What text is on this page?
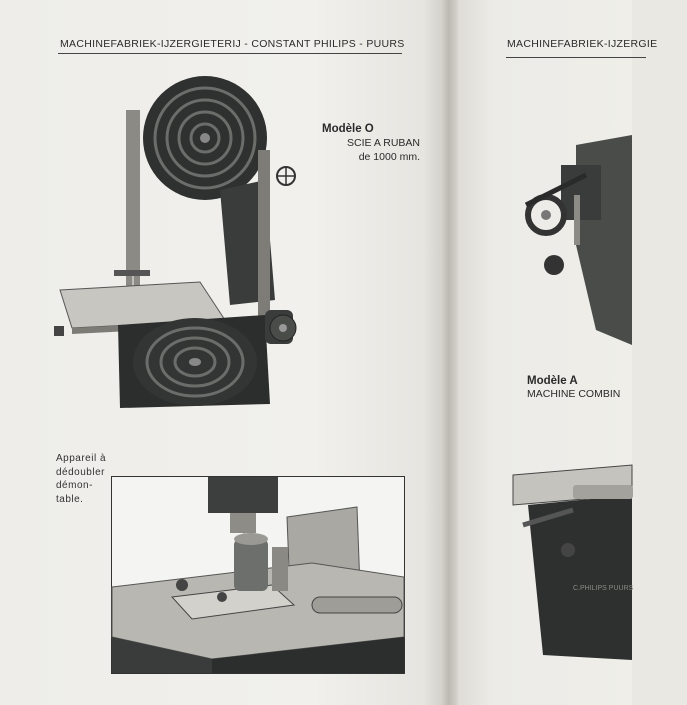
MACHINEFABRIEK-IJZERGIETERIJ - CONSTANT PHILIPS - PUURS
Modèle O
SCIE A RUBAN
de 1000 mm.
Appareil à
dédoubler
démon-
table.
MACHINEFABRIEK-IJZERGIE
Modèle A
MACHINE COMBIN
C.PHILIPS PUURS
